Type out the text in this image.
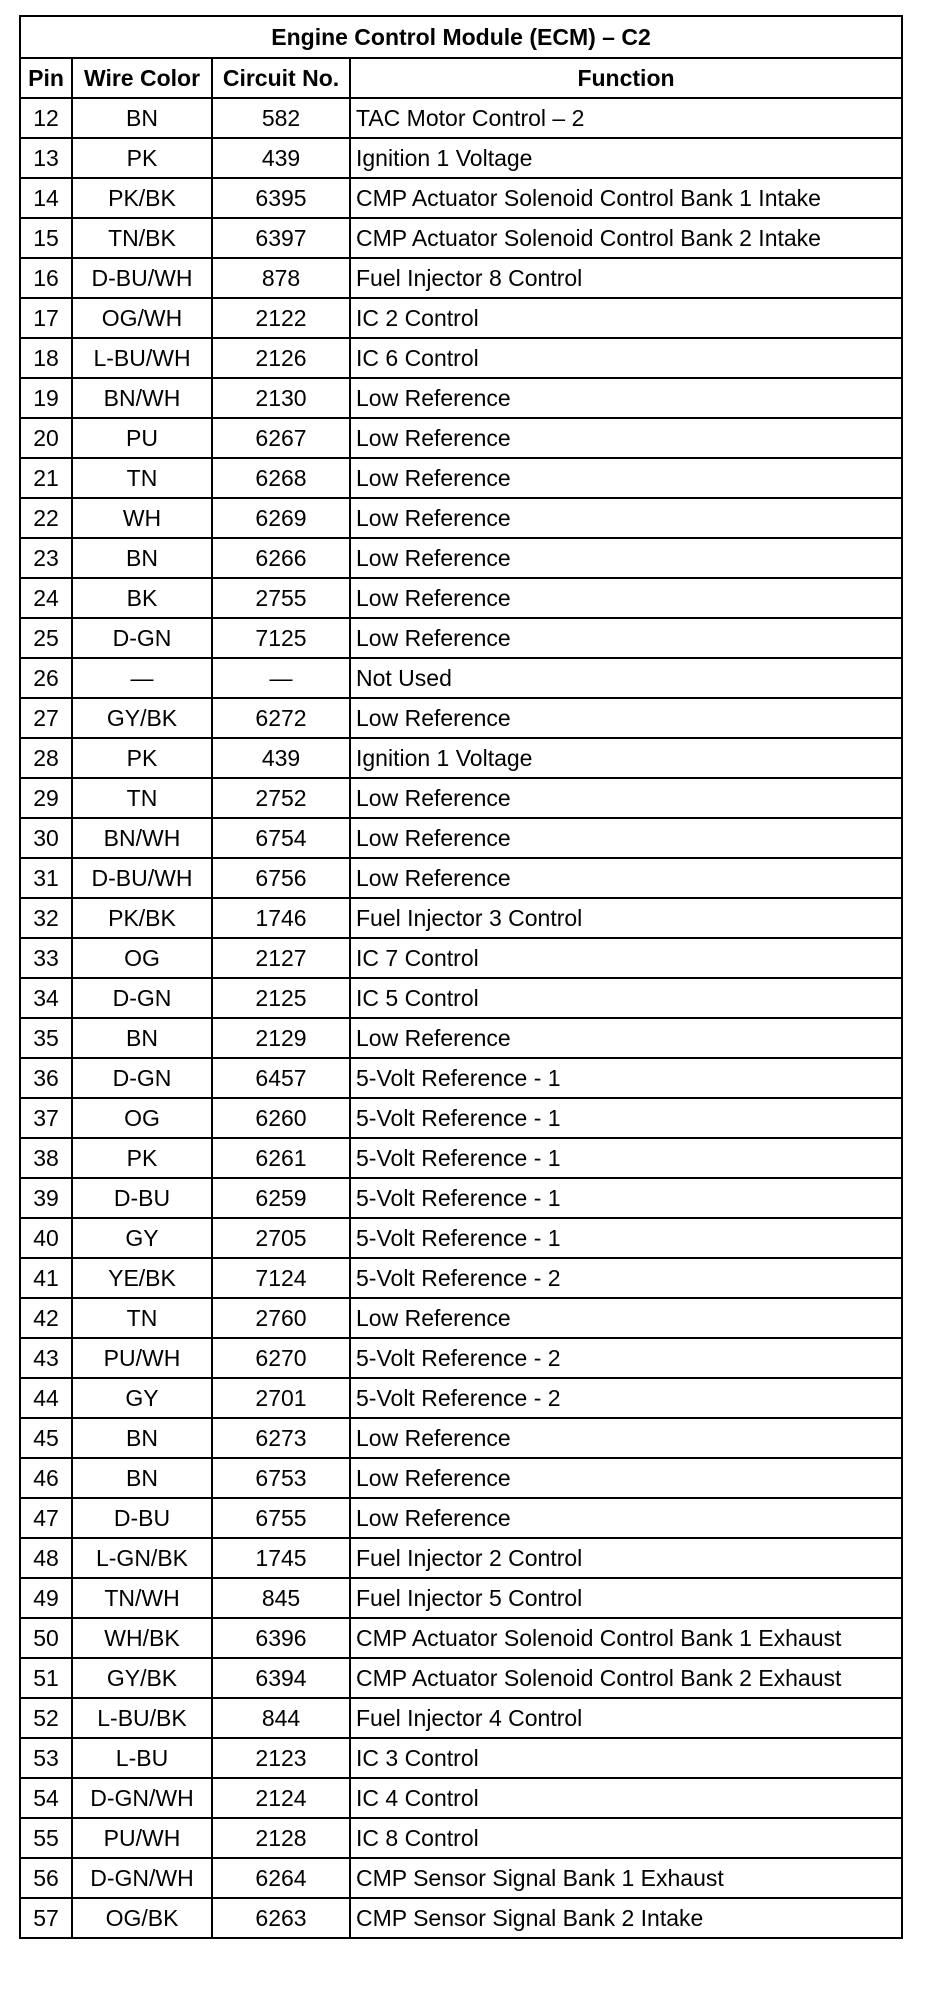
Engine Control Module (ECM) – C2			
Pin	Wire Color	Circuit No.	Function
12	BN	582	TAC Motor Control – 2
13	PK	439	Ignition 1 Voltage
14	PK/BK	6395	CMP Actuator Solenoid Control Bank 1 Intake
15	TN/BK	6397	CMP Actuator Solenoid Control Bank 2 Intake
16	D-BU/WH	878	Fuel Injector 8 Control
17	OG/WH	2122	IC 2 Control
18	L-BU/WH	2126	IC 6 Control
19	BN/WH	2130	Low Reference
20	PU	6267	Low Reference
21	TN	6268	Low Reference
22	WH	6269	Low Reference
23	BN	6266	Low Reference
24	BK	2755	Low Reference
25	D-GN	7125	Low Reference
26	—	—	Not Used
27	GY/BK	6272	Low Reference
28	PK	439	Ignition 1 Voltage
29	TN	2752	Low Reference
30	BN/WH	6754	Low Reference
31	D-BU/WH	6756	Low Reference
32	PK/BK	1746	Fuel Injector 3 Control
33	OG	2127	IC 7 Control
34	D-GN	2125	IC 5 Control
35	BN	2129	Low Reference
36	D-GN	6457	5-Volt Reference - 1
37	OG	6260	5-Volt Reference - 1
38	PK	6261	5-Volt Reference - 1
39	D-BU	6259	5-Volt Reference - 1
40	GY	2705	5-Volt Reference - 1
41	YE/BK	7124	5-Volt Reference - 2
42	TN	2760	Low Reference
43	PU/WH	6270	5-Volt Reference - 2
44	GY	2701	5-Volt Reference - 2
45	BN	6273	Low Reference
46	BN	6753	Low Reference
47	D-BU	6755	Low Reference
48	L-GN/BK	1745	Fuel Injector 2 Control
49	TN/WH	845	Fuel Injector 5 Control
50	WH/BK	6396	CMP Actuator Solenoid Control Bank 1 Exhaust
51	GY/BK	6394	CMP Actuator Solenoid Control Bank 2 Exhaust
52	L-BU/BK	844	Fuel Injector 4 Control
53	L-BU	2123	IC 3 Control
54	D-GN/WH	2124	IC 4 Control
55	PU/WH	2128	IC 8 Control
56	D-GN/WH	6264	CMP Sensor Signal Bank 1 Exhaust
57	OG/BK	6263	CMP Sensor Signal Bank 2 Intake
